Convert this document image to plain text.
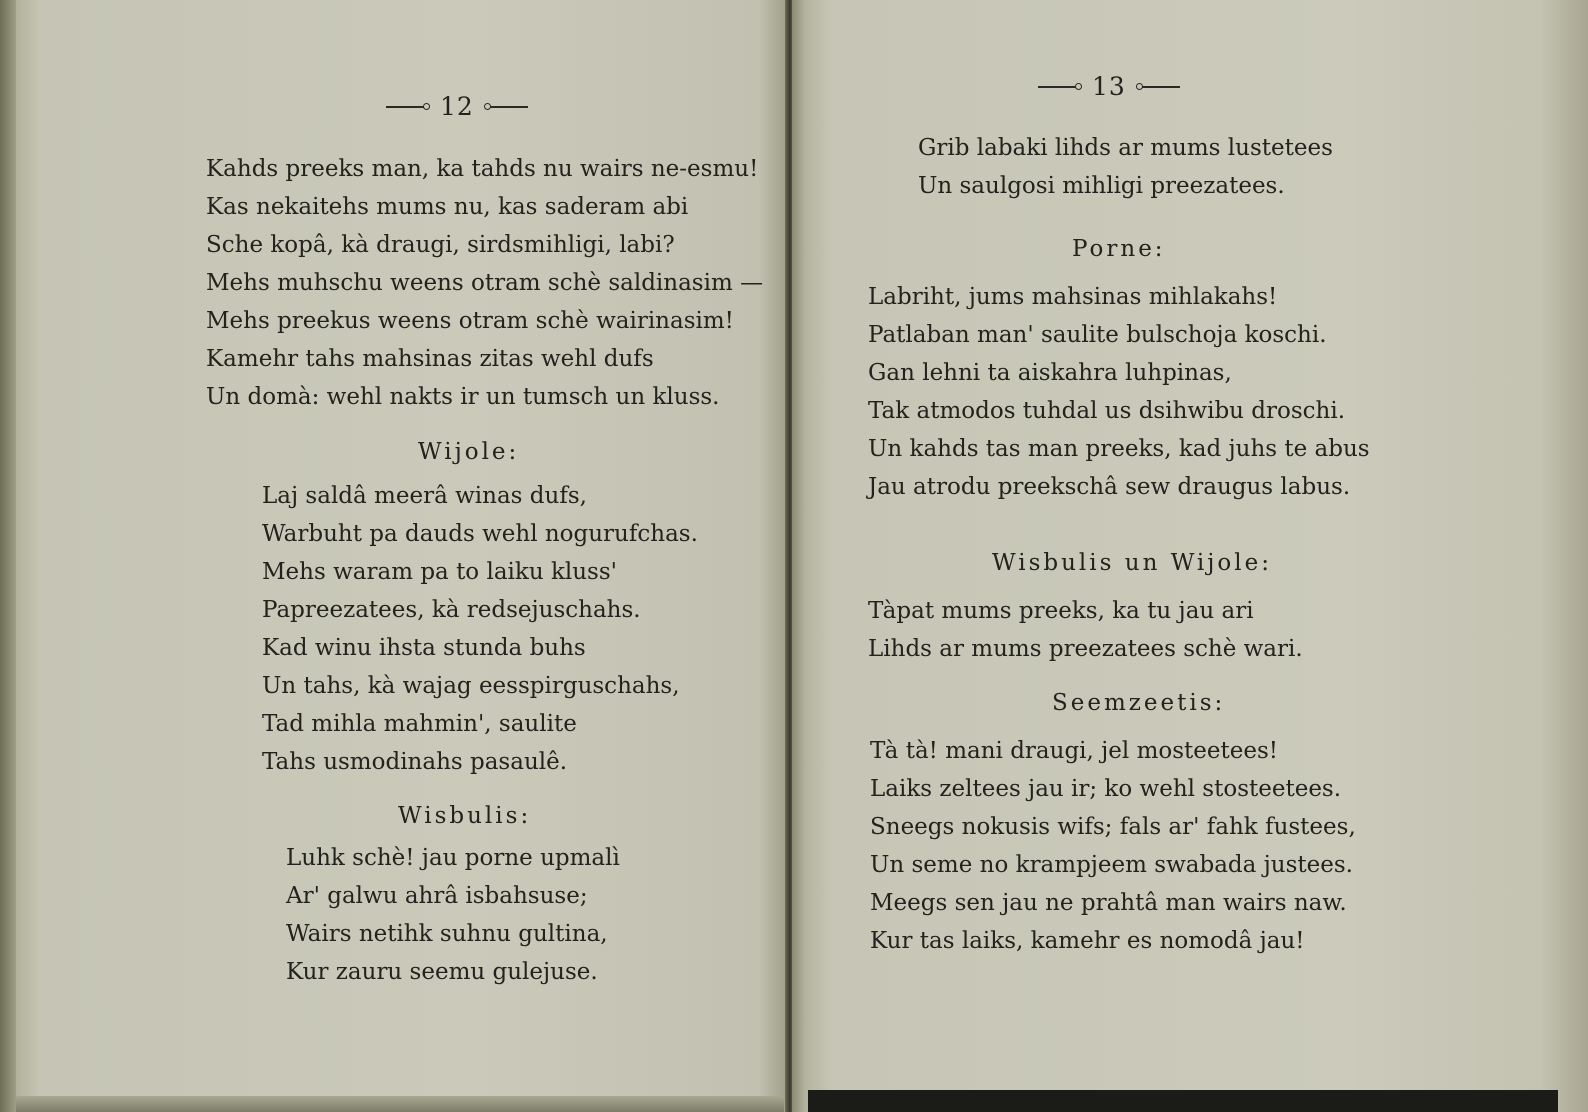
12
Kahds preeks man, ka tahds nu wairs ne-esmu!
Kas nekaitehs mums nu, kas saderam abi
Sche kopâ, kà draugi, sirdsmihligi, labi?
Mehs muhschu weens otram schè saldinasim —
Mehs preekus weens otram schè wairinasim!
Kamehr tahs mahsinas zitas wehl dufs
Un domà: wehl nakts ir un tumsch un kluss.
Wijole:
Laj saldâ meerâ winas dufs,
Warbuht pa dauds wehl nogurufchas.
Mehs waram pa to laiku kluss'
Papreezatees, kà redsejuschahs.
Kad winu ihsta stunda buhs
Un tahs, kà wajag eesspirguschahs,
Tad mihla mahmin', saulite
Tahs usmodinahs pasaulê.
Wisbulis:
Luhk schè! jau porne upmalì
Ar' galwu ahrâ isbahsuse;
Wairs netihk suhnu gultina,
Kur zauru seemu gulejuse.
13
Grib labaki lihds ar mums lustetees
Un saulgosi mihligi preezatees.
Porne:
Labriht, jums mahsinas mihlakahs!
Patlaban man' saulite bulschoja koschi.
Gan lehni ta aiskahra luhpinas,
Tak atmodos tuhdal us dsihwibu droschi.
Un kahds tas man preeks, kad juhs te abus
Jau atrodu preekschâ sew draugus labus.
Wisbulis un Wijole:
Tàpat mums preeks, ka tu jau ari
Lihds ar mums preezatees schè wari.
Seemzeetis:
Tà tà! mani draugi, jel mosteetees!
Laiks zeltees jau ir; ko wehl stosteetees.
Sneegs nokusis wifs; fals ar' fahk fustees,
Un seme no krampjeem swabada justees.
Meegs sen jau ne prahtâ man wairs naw.
Kur tas laiks, kamehr es nomodâ jau!
